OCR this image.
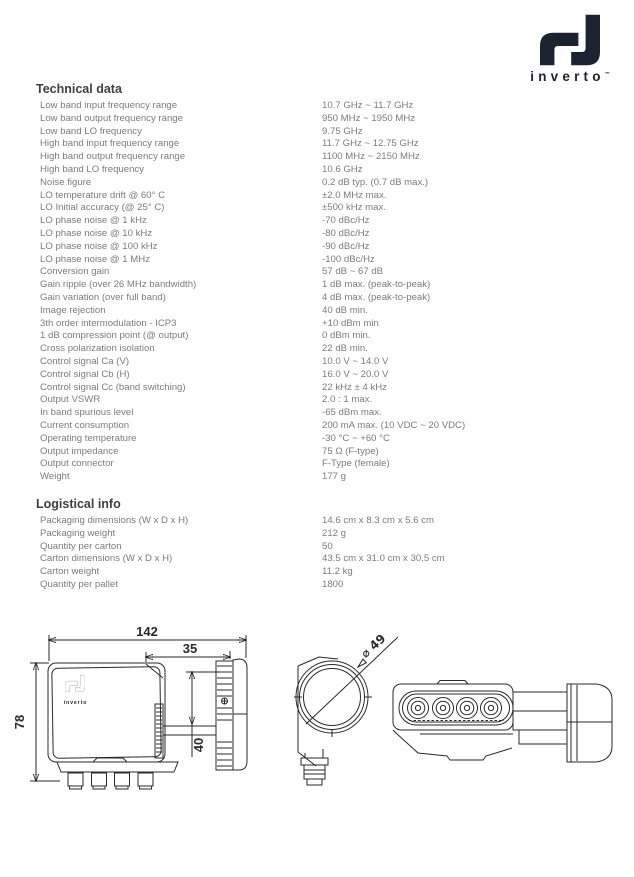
inverto™
Technical data
Low band input frequency range	10.7 GHz ~ 11.7 GHz
Low band output frequency range	950 MHz ~ 1950 MHz
Low band LO frequency	9.75 GHz
High band input frequency range	11.7 GHz ~ 12.75 GHz
High band output frequency range	1100 MHz ~ 2150 MHz
High band LO frequency	10.6 GHz
Noise figure	0.2 dB typ. (0.7 dB max.)
LO temperature drift @ 60° C	±2.0 MHz max.
LO Initial accuracy (@ 25° C)	±500 kHz max.
LO phase noise @ 1 kHz	-70 dBc/Hz
LO phase noise @ 10 kHz	-80 dBc/Hz
LO phase noise @ 100 kHz	-90 dBc/Hz
LO phase noise @ 1 MHz	-100 dBc/Hz
Conversion gain	57 dB ~ 67 dB
Gain ripple (over 26 MHz bandwidth)	1 dB max. (peak-to-peak)
Gain variation (over full band)	4 dB max. (peak-to-peak)
Image rejection	40 dB min.
3th order intermodulation - ICP3	+10 dBm min
1 dB compression point (@ output)	0 dBm min.
Cross polarization isolation	22 dB min.
Control signal Ca (V)	10.0 V ~ 14.0 V
Control signal Cb (H)	16.0 V ~ 20.0 V
Control signal Cc (band switching)	22 kHz ± 4 kHz
Output VSWR	2.0 : 1 max.
In band spurious level	-65 dBm max.
Current consumption	200 mA max. (10 VDC ~ 20 VDC)
Operating temperature	-30 °C ~ +60 °C
Output impedance	75 Ω (F-type)
Output connector	F-Type (female)
Weight	177 g
Logistical info
Packaging dimensions (W x D x H)	14.6 cm x 8.3 cm x 5.6 cm
Packaging weight	212 g
Quantity per carton	50
Carton dimensions (W x D x H)	43.5 cm x 31.0 cm x 30.5 cm
Carton weight	11.2 kg
Quantity per pallet	1800
inverto
⌀ 49
142
35
78
40
